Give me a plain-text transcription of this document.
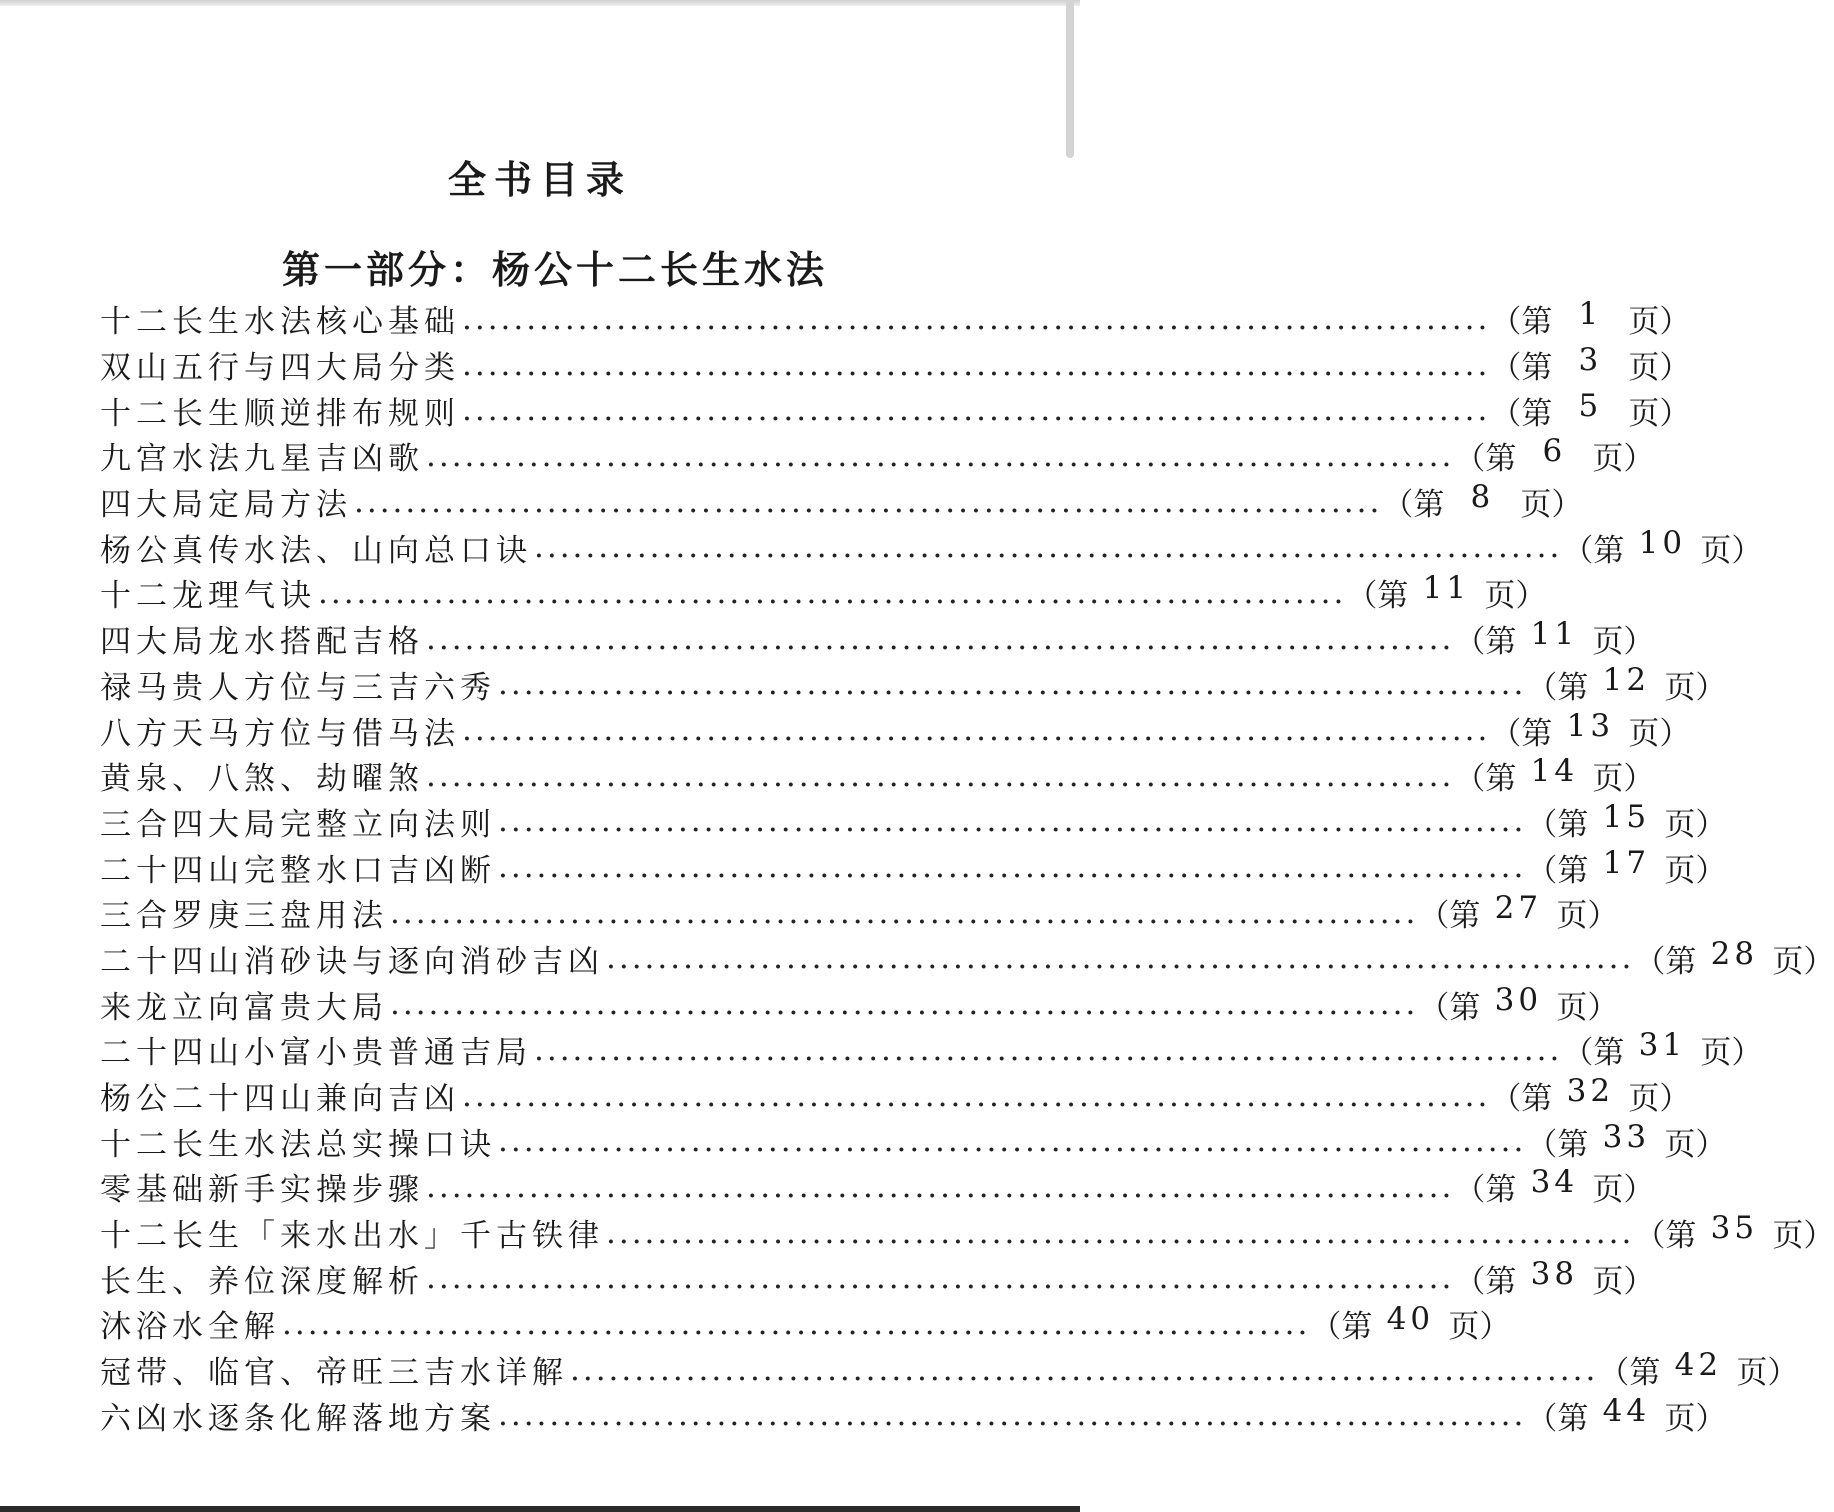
全书目录
第一部分：杨公十二长生水法
十二长生水法核心基础 ................................................................................ （第 1 页）
双山五行与四大局分类 ................................................................................ （第 3 页）
十二长生顺逆排布规则 ................................................................................ （第 5 页）
九宫水法九星吉凶歌 ................................................................................ （第 6 页）
四大局定局方法 ................................................................................ （第 8 页）
杨公真传水法、山向总口诀 ................................................................................ （第 10 页）
十二龙理气诀 ................................................................................ （第 11 页）
四大局龙水搭配吉格 ................................................................................ （第 11 页）
禄马贵人方位与三吉六秀 ................................................................................ （第 12 页）
八方天马方位与借马法 ................................................................................ （第 13 页）
黄泉、八煞、劫曜煞 ................................................................................ （第 14 页）
三合四大局完整立向法则 ................................................................................ （第 15 页）
二十四山完整水口吉凶断 ................................................................................ （第 17 页）
三合罗庚三盘用法 ................................................................................ （第 27 页）
二十四山消砂诀与逐向消砂吉凶 ................................................................................ （第 28 页）
来龙立向富贵大局 ................................................................................ （第 30 页）
二十四山小富小贵普通吉局 ................................................................................ （第 31 页）
杨公二十四山兼向吉凶 ................................................................................ （第 32 页）
十二长生水法总实操口诀 ................................................................................ （第 33 页）
零基础新手实操步骤 ................................................................................ （第 34 页）
十二长生「来水出水」千古铁律 ................................................................................ （第 35 页）
长生、养位深度解析 ................................................................................ （第 38 页）
沐浴水全解 ................................................................................ （第 40 页）
冠带、临官、帝旺三吉水详解 ................................................................................ （第 42 页）
六凶水逐条化解落地方案 ................................................................................ （第 44 页）
